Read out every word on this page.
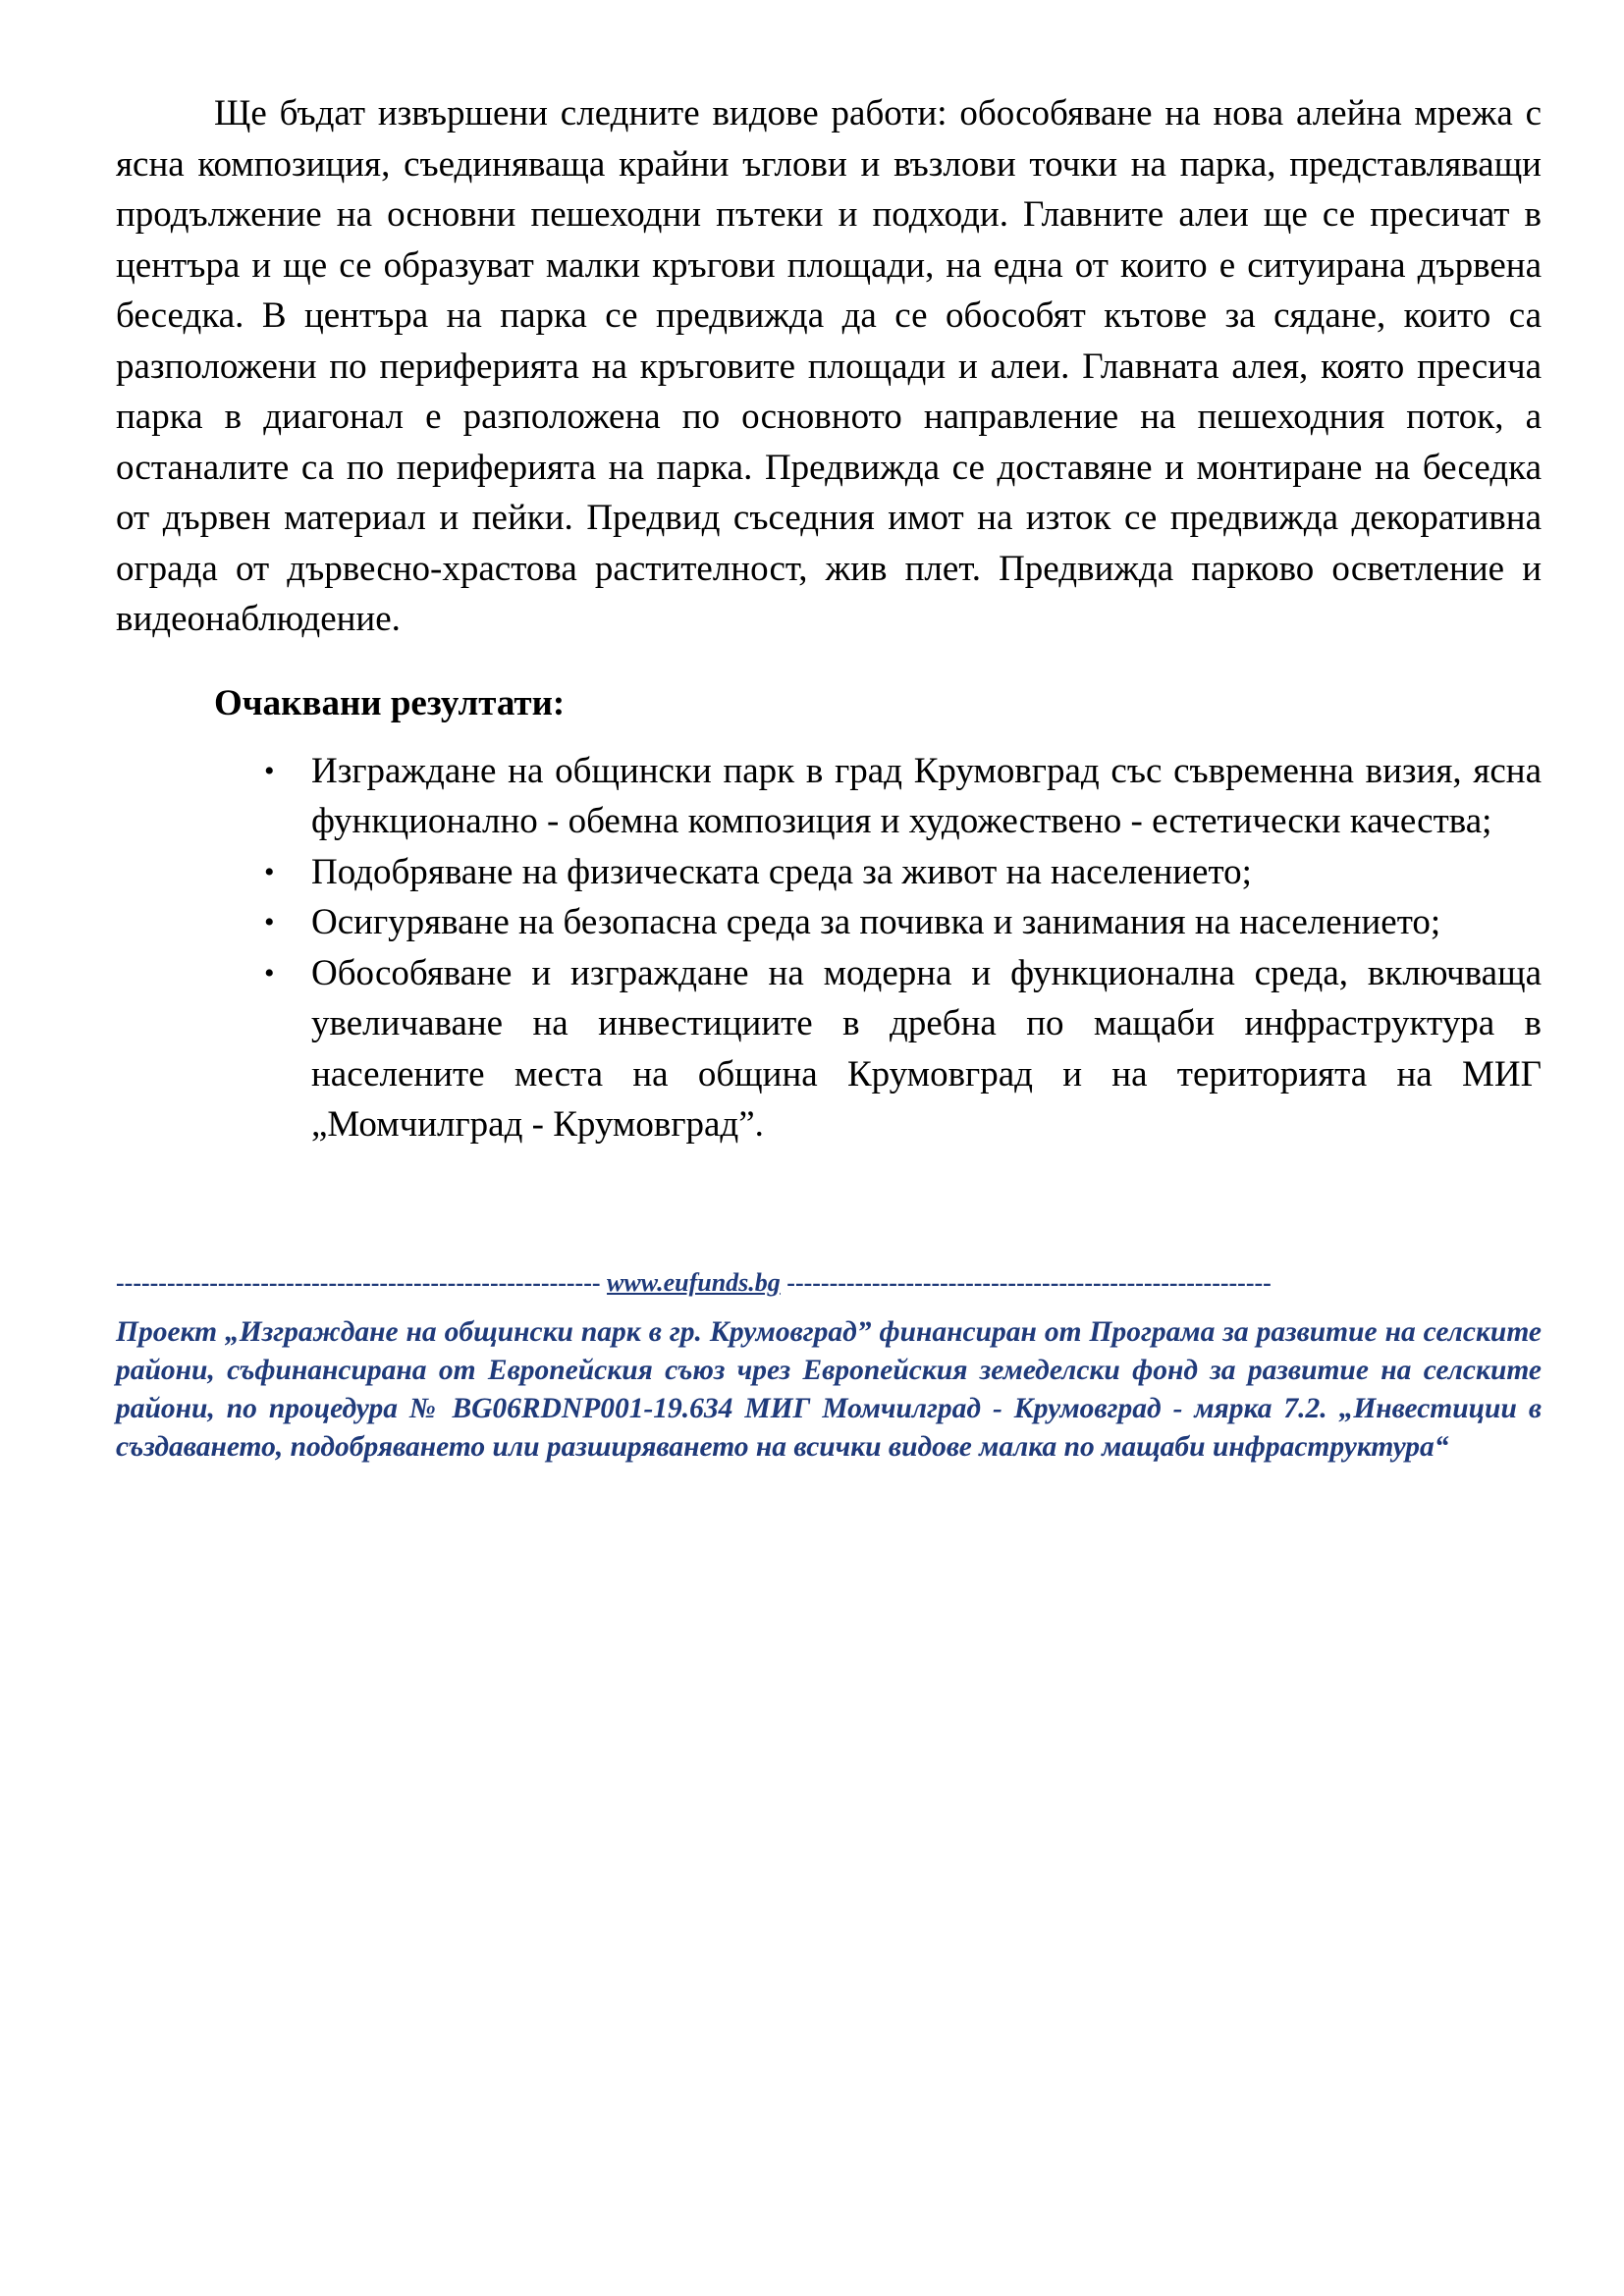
Ще бъдат извършени следните видове работи: обособяване на нова алейна мрежа с ясна композиция, съединяваща крайни ъглови и възлови точки на парка, представляващи продължение на основни пешеходни пътеки и подходи. Главните алеи ще се пресичат в центъра и ще се образуват малки кръгови площади, на една от които е ситуирана дървена беседка. В центъра на парка се предвижда да се обособят кътове за сядане, които са разположени по периферията на кръговите площади и алеи. Главната алея, която пресича парка в диагонал е разположена по основното направление на пешеходния поток, а останалите са по периферията на парка. Предвижда се доставяне и монтиране на беседка от дървен материал и пейки. Предвид съседния имот на изток се предвижда декоративна ограда от дървесно-храстова растителност, жив плет. Предвижда парково осветление и видеонаблюдение.

Очаквани резултати:
• Изграждане на общински парк в град Крумовград със съвременна визия, ясна функционално - обемна композиция и художествено - естетически качества;
• Подобряване на физическата среда за живот на населението;
• Осигуряване на безопасна среда за почивка и занимания на населението;
• Обособяване и изграждане на модерна и функционална среда, включваща увеличаване на инвестициите в дребна по мащаби инфраструктура в населените места на община Крумовград и на територията на МИГ „Момчилград - Крумовград”.
--------------------------------------------------------- www.eufunds.bg ---------------------------------------------------------
Проект „Изграждане на общински парк в гр. Крумовград” финансиран от Програма за развитие на селските райони, съфинансирана от Европейския съюз чрез Европейския земеделски фонд за развитие на селските райони, по процедура № BG06RDNP001-19.634 МИГ Момчилград - Крумовград - мярка 7.2. „Инвестиции в създаването, подобряването или разширяването на всички видове малка по мащаби инфраструктура“
